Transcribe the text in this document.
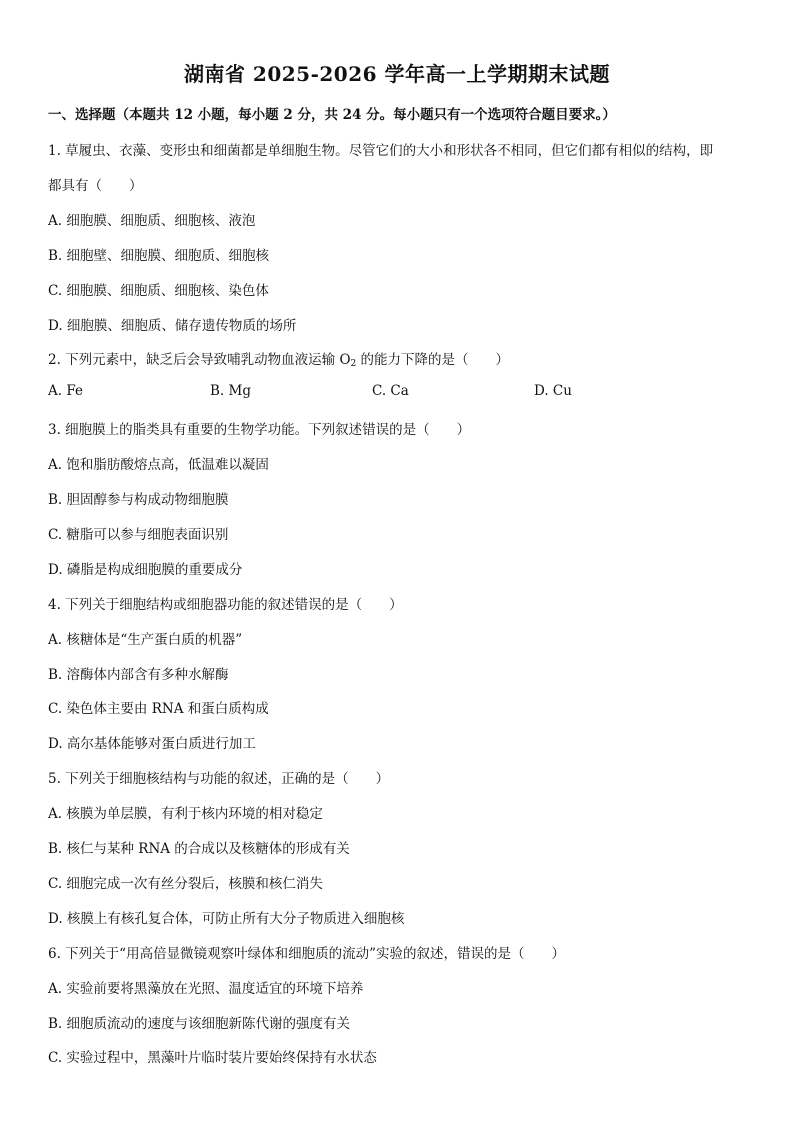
湖南省 2025-2026 学年高一上学期期末试题
一、选择题（本题共 12 小题，每小题 2 分，共 24 分。每小题只有一个选项符合题目要求。）
1. 草履虫、衣藻、变形虫和细菌都是单细胞生物。尽管它们的大小和形状各不相同，但它们都有相似的结构，即
都具有（　　）
A. 细胞膜、细胞质、细胞核、液泡
B. 细胞壁、细胞膜、细胞质、细胞核
C. 细胞膜、细胞质、细胞核、染色体
D. 细胞膜、细胞质、储存遗传物质的场所
2. 下列元素中，缺乏后会导致哺乳动物血液运输 $O_2$ 的能力下降的是（　　）
A. Fe	B. Mg	C. Ca	D. Cu
3. 细胞膜上的脂类具有重要的生物学功能。下列叙述错误的是（　　）
A. 饱和脂肪酸熔点高，低温难以凝固
B. 胆固醇参与构成动物细胞膜
C. 糖脂可以参与细胞表面识别
D. 磷脂是构成细胞膜的重要成分
4. 下列关于细胞结构或细胞器功能的叙述错误的是（　　）
A. 核糖体是“生产蛋白质的机器”
B. 溶酶体内部含有多种水解酶
C. 染色体主要由 RNA 和蛋白质构成
D. 高尔基体能够对蛋白质进行加工
5. 下列关于细胞核结构与功能的叙述，正确的是（　　）
A. 核膜为单层膜，有利于核内环境的相对稳定
B. 核仁与某种 RNA 的合成以及核糖体的形成有关
C. 细胞完成一次有丝分裂后，核膜和核仁消失
D. 核膜上有核孔复合体，可防止所有大分子物质进入细胞核
6. 下列关于“用高倍显微镜观察叶绿体和细胞质的流动”实验的叙述，错误的是（　　）
A. 实验前要将黑藻放在光照、温度适宜的环境下培养
B. 细胞质流动的速度与该细胞新陈代谢的强度有关
C. 实验过程中，黑藻叶片临时装片要始终保持有水状态
